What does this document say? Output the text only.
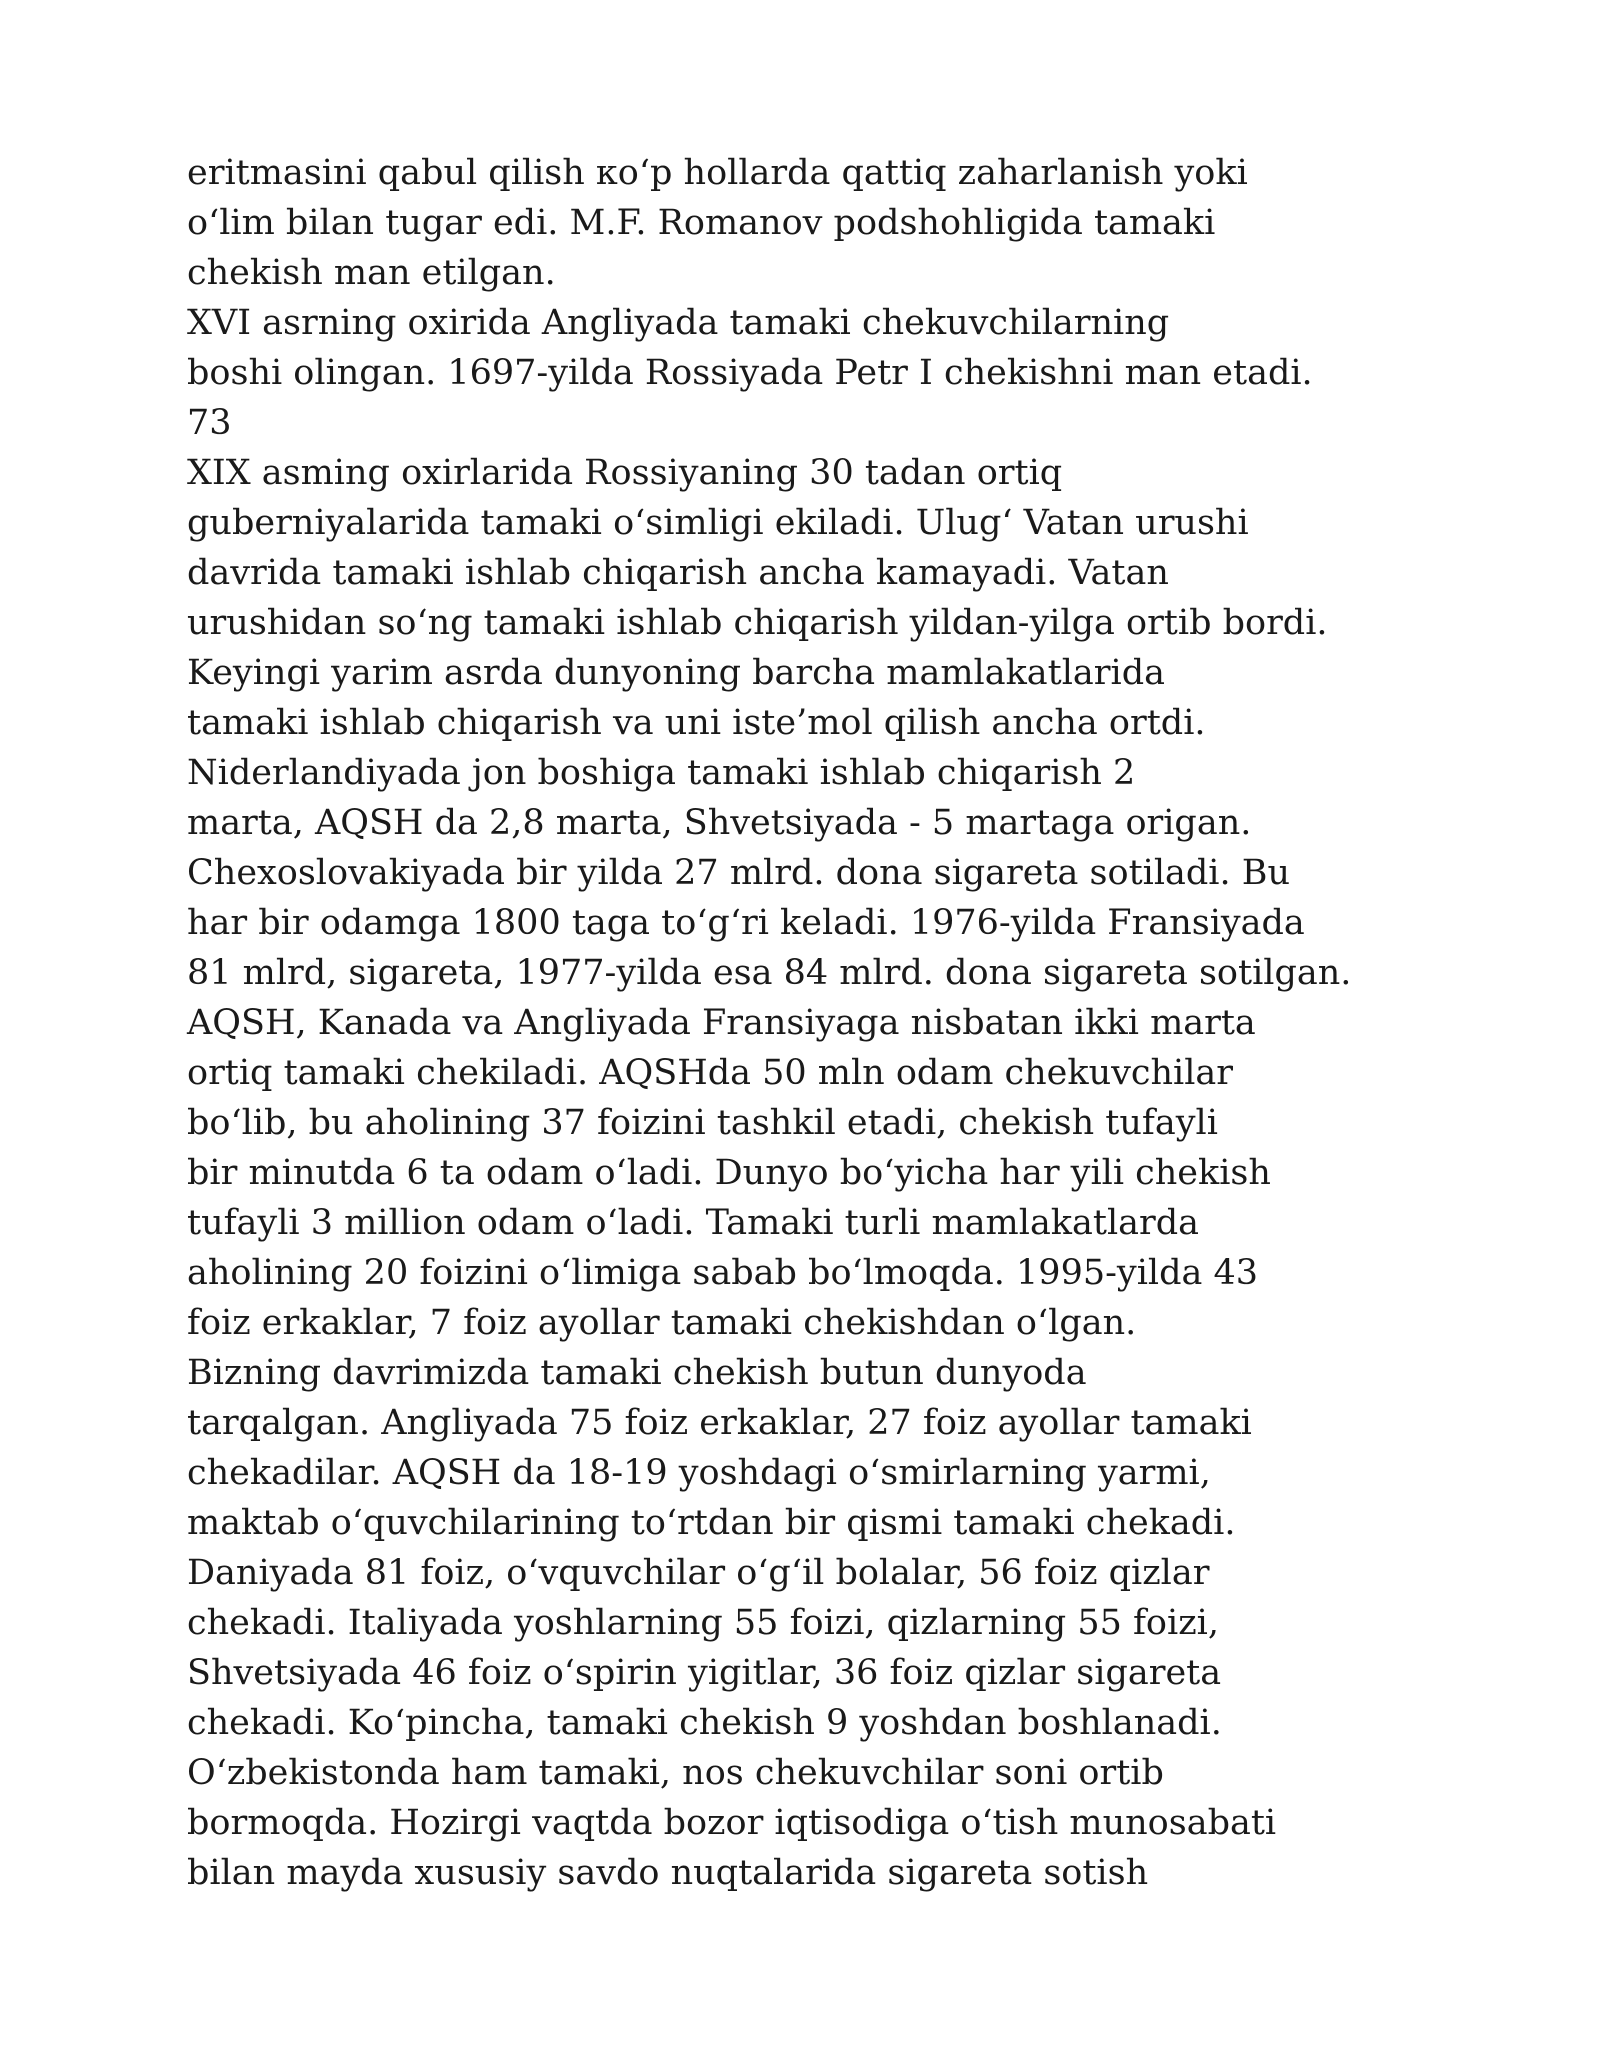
eritmasini qabul qilish кo‘p hollarda qattiq zaharlanish yoki
o‘lim bilan tugar edi. M.F. Romanov podshohligida tamaki
chekish man etilgan.
XVI asrning oxirida Angliyada tamaki chekuvchilarning
boshi olingan. 1697-yilda Rossiyada Petr I chekishni man etadi.
73
XIX asming oxirlarida Rossiyaning 30 tadan ortiq
guberniyalarida tamaki o‘simligi ekiladi. Ulug‘ Vatan urushi
davrida tamaki ishlab chiqarish ancha kamayadi. Vatan
urushidan so‘ng tamaki ishlab chiqarish yildan-yilga ortib bordi.
Keyingi yarim asrda dunyoning barcha mamlakatlarida
tamaki ishlab chiqarish va uni iste’mol qilish ancha ortdi.
Niderlandiyada jon boshiga tamaki ishlab chiqarish 2
marta, AQSH da 2,8 marta, Shvetsiyada - 5 martaga origan.
Chexoslovakiyada bir yilda 27 mlrd. dona sigareta sotiladi. Bu
har bir odamga 1800 taga to‘g‘ri keladi. 1976-yilda Fransiyada
81 mlrd, sigareta, 1977-yilda esa 84 mlrd. dona sigareta sotilgan.
AQSH, Kanada va Angliyada Fransiyaga nisbatan ikki marta
ortiq tamaki chekiladi. AQSHda 50 mln odam chekuvchilar
bo‘lib, bu aholining 37 foizini tashkil etadi, chekish tufayli
bir minutda 6 ta odam o‘ladi. Dunyo bo‘yicha har yili chekish
tufayli 3 million odam o‘ladi. Tamaki turli mamlakatlarda
aholining 20 foizini o‘limiga sabab bo‘lmoqda. 1995-yilda 43
foiz erkaklar, 7 foiz ayollar tamaki chekishdan o‘lgan.
Bizning davrimizda tamaki chekish butun dunyoda
tarqalgan. Angliyada 75 foiz erkaklar, 27 foiz ayollar tamaki
chekadilar. AQSH da 18-19 yoshdagi o‘smirlarning yarmi,
maktab o‘quvchilarining to‘rtdan bir qismi tamaki chekadi.
Daniyada 81 foiz, o‘vquvchilar o‘g‘il bolalar, 56 foiz qizlar
chekadi. Italiyada yoshlarning 55 foizi, qizlarning 55 foizi,
Shvetsiyada 46 foiz o‘spirin yigitlar, 36 foiz qizlar sigareta
chekadi. Ko‘pincha, tamaki chekish 9 yoshdan boshlanadi.
O‘zbekistonda ham tamaki, nos chekuvchilar soni ortib
bormoqda. Hozirgi vaqtda bozor iqtisodiga o‘tish munosabati
bilan mayda xususiy savdo nuqtalarida sigareta sotish
